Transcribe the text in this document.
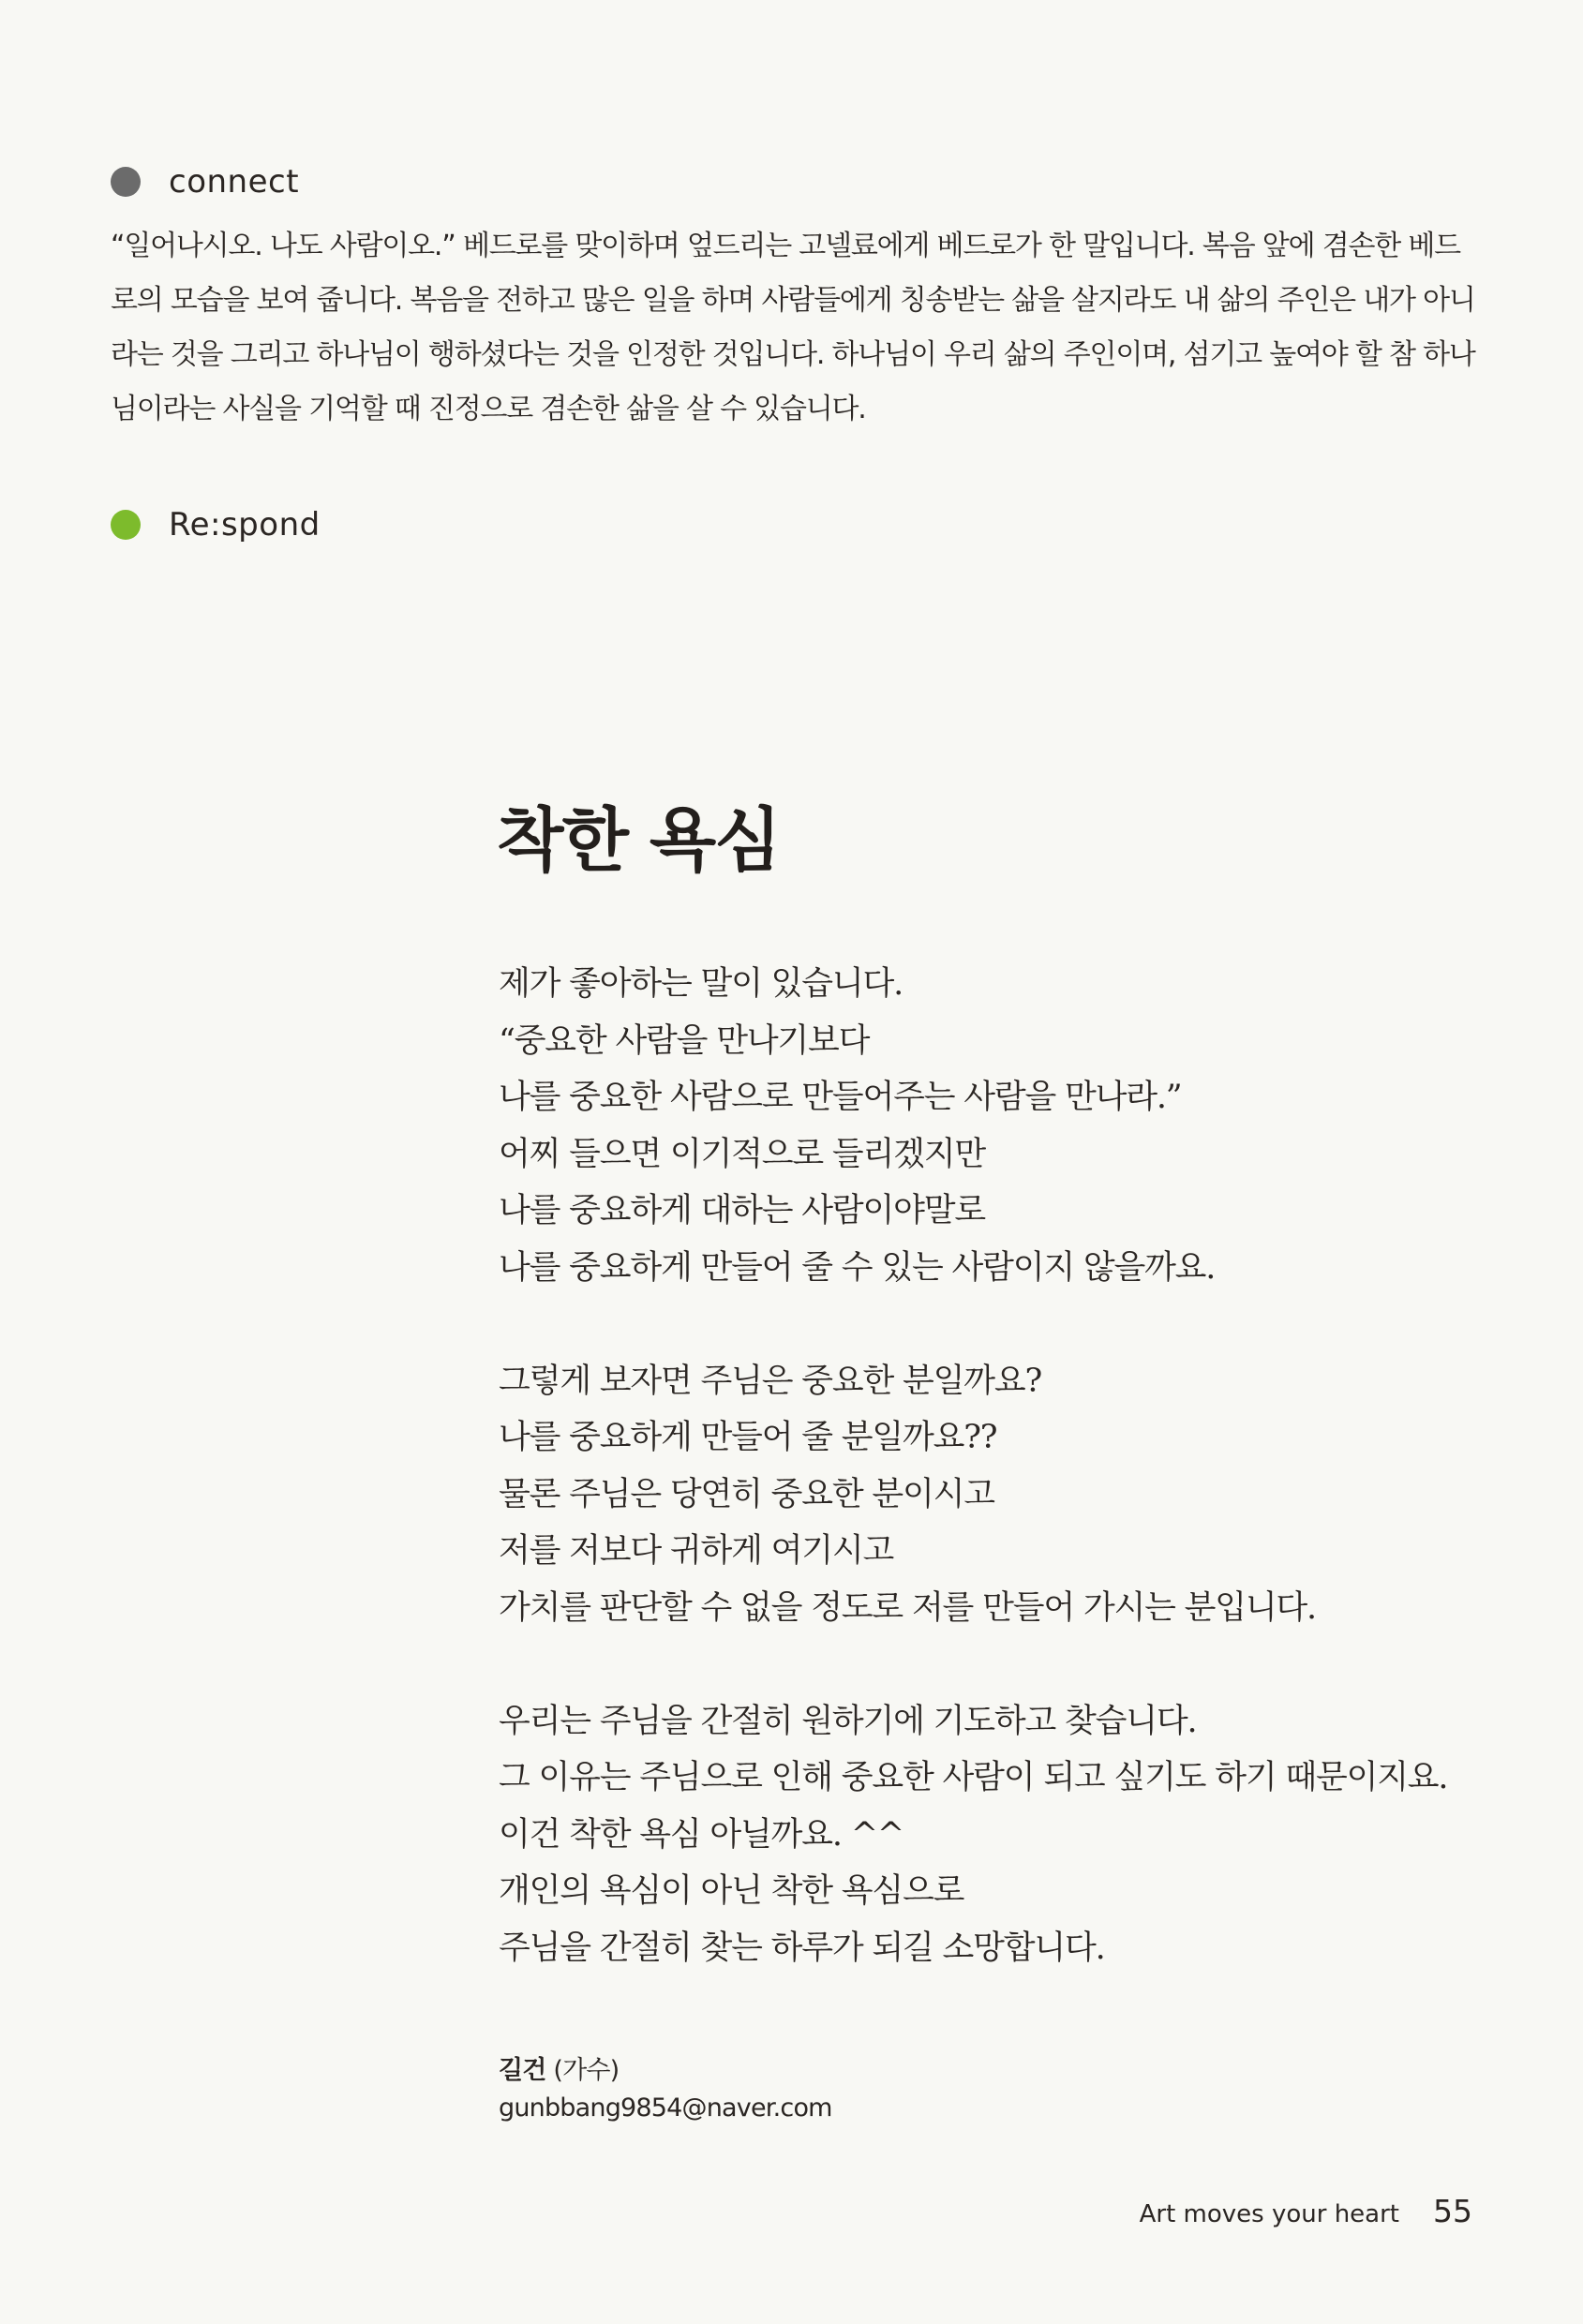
connect

“일어나시오. 나도 사람이오.” 베드로를 맞이하며 엎드리는 고넬료에게 베드로가 한 말입니다. 복음 앞에 겸손한 베드로의 모습을 보여 줍니다. 복음을 전하고 많은 일을 하며 사람들에게 칭송받는 삶을 살지라도 내 삶의 주인은 내가 아니라는 것을 그리고 하나님이 행하셨다는 것을 인정한 것입니다. 하나님이 우리 삶의 주인이며, 섬기고 높여야 할 참 하나님이라는 사실을 기억할 때 진정으로 겸손한 삶을 살 수 있습니다.

Re:spond
착한 욕심
제가 좋아하는 말이 있습니다.
“중요한 사람을 만나기보다
나를 중요한 사람으로 만들어주는 사람을 만나라.”
어찌 들으면 이기적으로 들리겠지만
나를 중요하게 대하는 사람이야말로
나를 중요하게 만들어 줄 수 있는 사람이지 않을까요.
그렇게 보자면 주님은 중요한 분일까요?
나를 중요하게 만들어 줄 분일까요??
물론 주님은 당연히 중요한 분이시고
저를 저보다 귀하게 여기시고
가치를 판단할 수 없을 정도로 저를 만들어 가시는 분입니다.
우리는 주님을 간절히 원하기에 기도하고 찾습니다.
그 이유는 주님으로 인해 중요한 사람이 되고 싶기도 하기 때문이지요.
이건 착한 욕심 아닐까요. ^^
개인의 욕심이 아닌 착한 욕심으로
주님을 간절히 찾는 하루가 되길 소망합니다.
길건 (가수)
gunbbang9854@naver.com
Art moves your heart 55
